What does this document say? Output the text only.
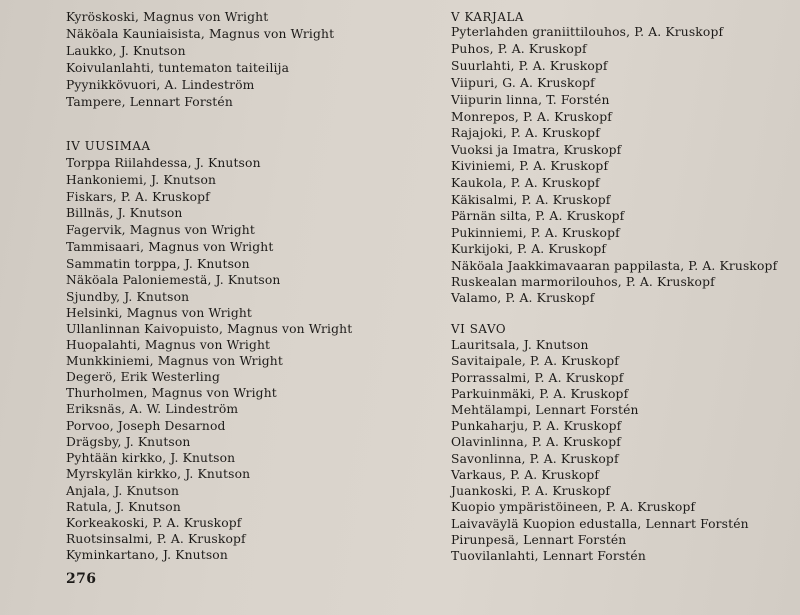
Kyröskoski, Magnus von Wright
Näköala Kauniaisista, Magnus von Wright
Laukko, J. Knutson
Koivulanlahti, tuntematon taiteilija
Pyynikkövuori, A. Lindeström
Tampere, Lennart Forstén
IV UUSIMAA
Torppa Riilahdessa, J. Knutson
Hankoniemi, J. Knutson
Fiskars, P. A. Kruskopf
Billnäs, J. Knutson
Fagervik, Magnus von Wright
Tammisaari, Magnus von Wright
Sammatin torppa, J. Knutson
Näköala Paloniemestä, J. Knutson
Sjundby, J. Knutson
Helsinki, Magnus von Wright
Ullanlinnan Kaivopuisto, Magnus von Wright
Huopalahti, Magnus von Wright
Munkkiniemi, Magnus von Wright
Degerö, Erik Westerling
Thurholmen, Magnus von Wright
Eriksnäs, A. W. Lindeström
Porvoo, Joseph Desarnod
Drägsby, J. Knutson
Pyhtään kirkko, J. Knutson
Myrskylän kirkko, J. Knutson
Anjala, J. Knutson
Ratula, J. Knutson
Korkeakoski, P. A. Kruskopf
Ruotsinsalmi, P. A. Kruskopf
Kyminkartano, J. Knutson
V KARJALA
Pyterlahden graniittilouhos, P. A. Kruskopf
Puhos, P. A. Kruskopf
Suurlahti, P. A. Kruskopf
Viipuri, G. A. Kruskopf
Viipurin linna, T. Forstén
Monrepos, P. A. Kruskopf
Rajajoki, P. A. Kruskopf
Vuoksi ja Imatra, Kruskopf
Kiviniemi, P. A. Kruskopf
Kaukola, P. A. Kruskopf
Käkisalmi, P. A. Kruskopf
Pärnän silta, P. A. Kruskopf
Pukinniemi, P. A. Kruskopf
Kurkijoki, P. A. Kruskopf
Näköala Jaakkimavaaran pappilasta, P. A. Kruskopf
Ruskealan marmorilouhos, P. A. Kruskopf
Valamo, P. A. Kruskopf
VI SAVO
Lauritsala, J. Knutson
Savitaipale, P. A. Kruskopf
Porrassalmi, P. A. Kruskopf
Parkuinmäki, P. A. Kruskopf
Mehtälampi, Lennart Forstén
Punkaharju, P. A. Kruskopf
Olavinlinna, P. A. Kruskopf
Savonlinna, P. A. Kruskopf
Varkaus, P. A. Kruskopf
Juankoski, P. A. Kruskopf
Kuopio ympäristöineen, P. A. Kruskopf
Laivaväylä Kuopion edustalla, Lennart Forstén
Pirunpesä, Lennart Forstén
Tuovilanlahti, Lennart Forstén
276
